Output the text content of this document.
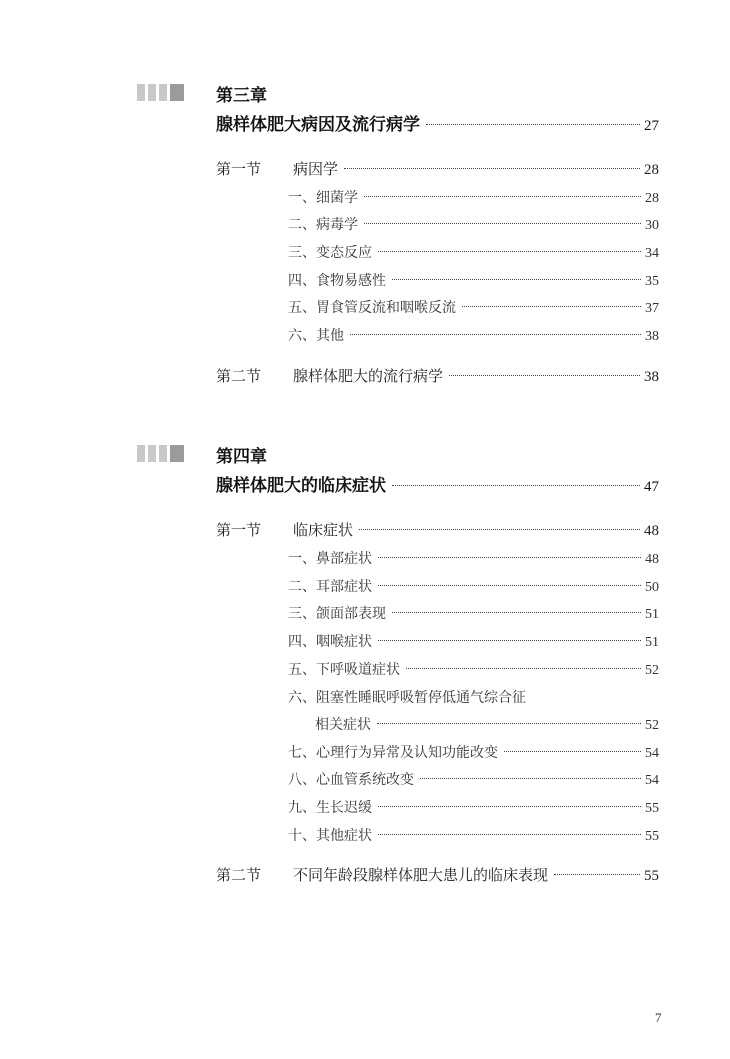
第三章
腺样体肥大病因及流行病学	27
第一节 病因学	28
一、细菌学	28
二、病毒学	30
三、变态反应	34
四、食物易感性	35
五、胃食管反流和咽喉反流	37
六、其他	38
第二节 腺样体肥大的流行病学	38
第四章
腺样体肥大的临床症状	47
第一节 临床症状	48
一、鼻部症状	48
二、耳部症状	50
三、颌面部表现	51
四、咽喉症状	51
五、下呼吸道症状	52
六、阻塞性睡眠呼吸暂停低通气综合征
相关症状	52
七、心理行为异常及认知功能改变	54
八、心血管系统改变	54
九、生长迟缓	55
十、其他症状	55
第二节 不同年龄段腺样体肥大患儿的临床表现	55
7
